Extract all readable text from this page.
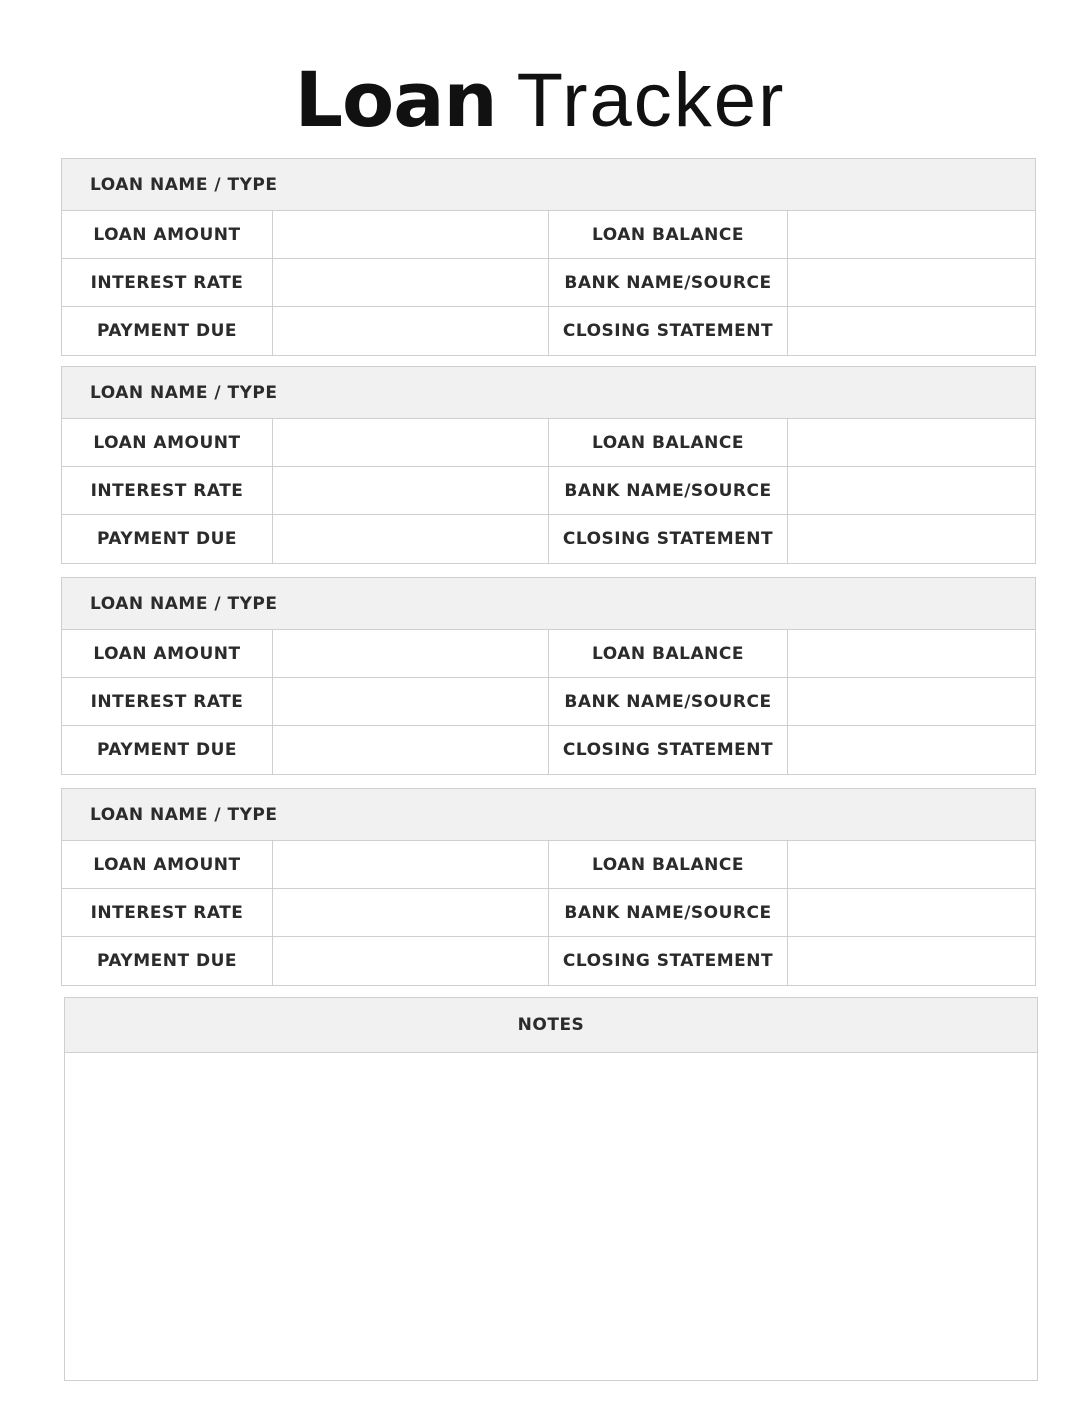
Loan Tracker
LOAN NAME / TYPE
LOAN AMOUNT	LOAN BALANCE
INTEREST RATE	BANK NAME/SOURCE
PAYMENT DUE	CLOSING STATEMENT
LOAN NAME / TYPE
LOAN AMOUNT	LOAN BALANCE
INTEREST RATE	BANK NAME/SOURCE
PAYMENT DUE	CLOSING STATEMENT
LOAN NAME / TYPE
LOAN AMOUNT	LOAN BALANCE
INTEREST RATE	BANK NAME/SOURCE
PAYMENT DUE	CLOSING STATEMENT
LOAN NAME / TYPE
LOAN AMOUNT	LOAN BALANCE
INTEREST RATE	BANK NAME/SOURCE
PAYMENT DUE	CLOSING STATEMENT
NOTES
